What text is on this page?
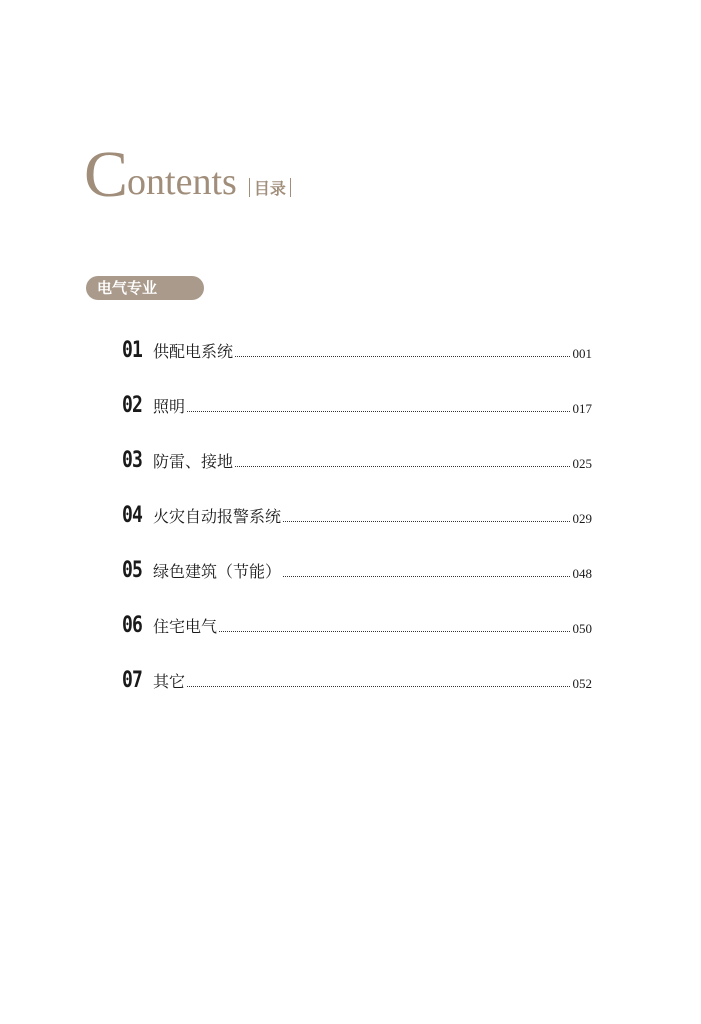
C ontents 目录
电气专业
01 供配电系统	001
02 照明	017
03 防雷、接地	025
04 火灾自动报警系统	029
05 绿色建筑（节能）	048
06 住宅电气	050
07 其它	052
